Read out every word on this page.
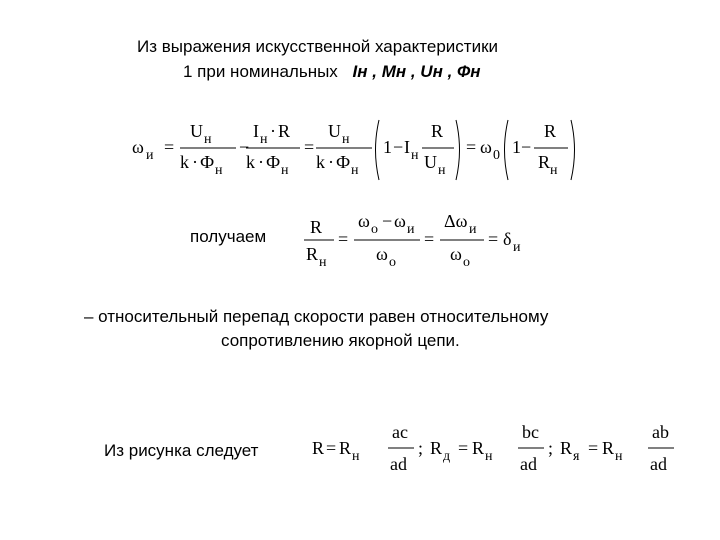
Из выражения искусственной характеристики
1 при номинальных Iн , Мн , Uн , Фн
ω и =
U н
k · Ф н
−
I н · R
k · Ф н
=
U н
k · Ф н
1 − I н
R
U н
= ω 0 1 −
R
R н
получаем R
R н
=
ω о − ω и
ω о
=
Δω и
ω о
= δ и
– относительный перепад скорости равен относительному
сопротивлению якорной цепи.
Из рисунка следует	R = R н
ac
ad
; R д = R н
bc
ad
; R я = R н
ab
ad
